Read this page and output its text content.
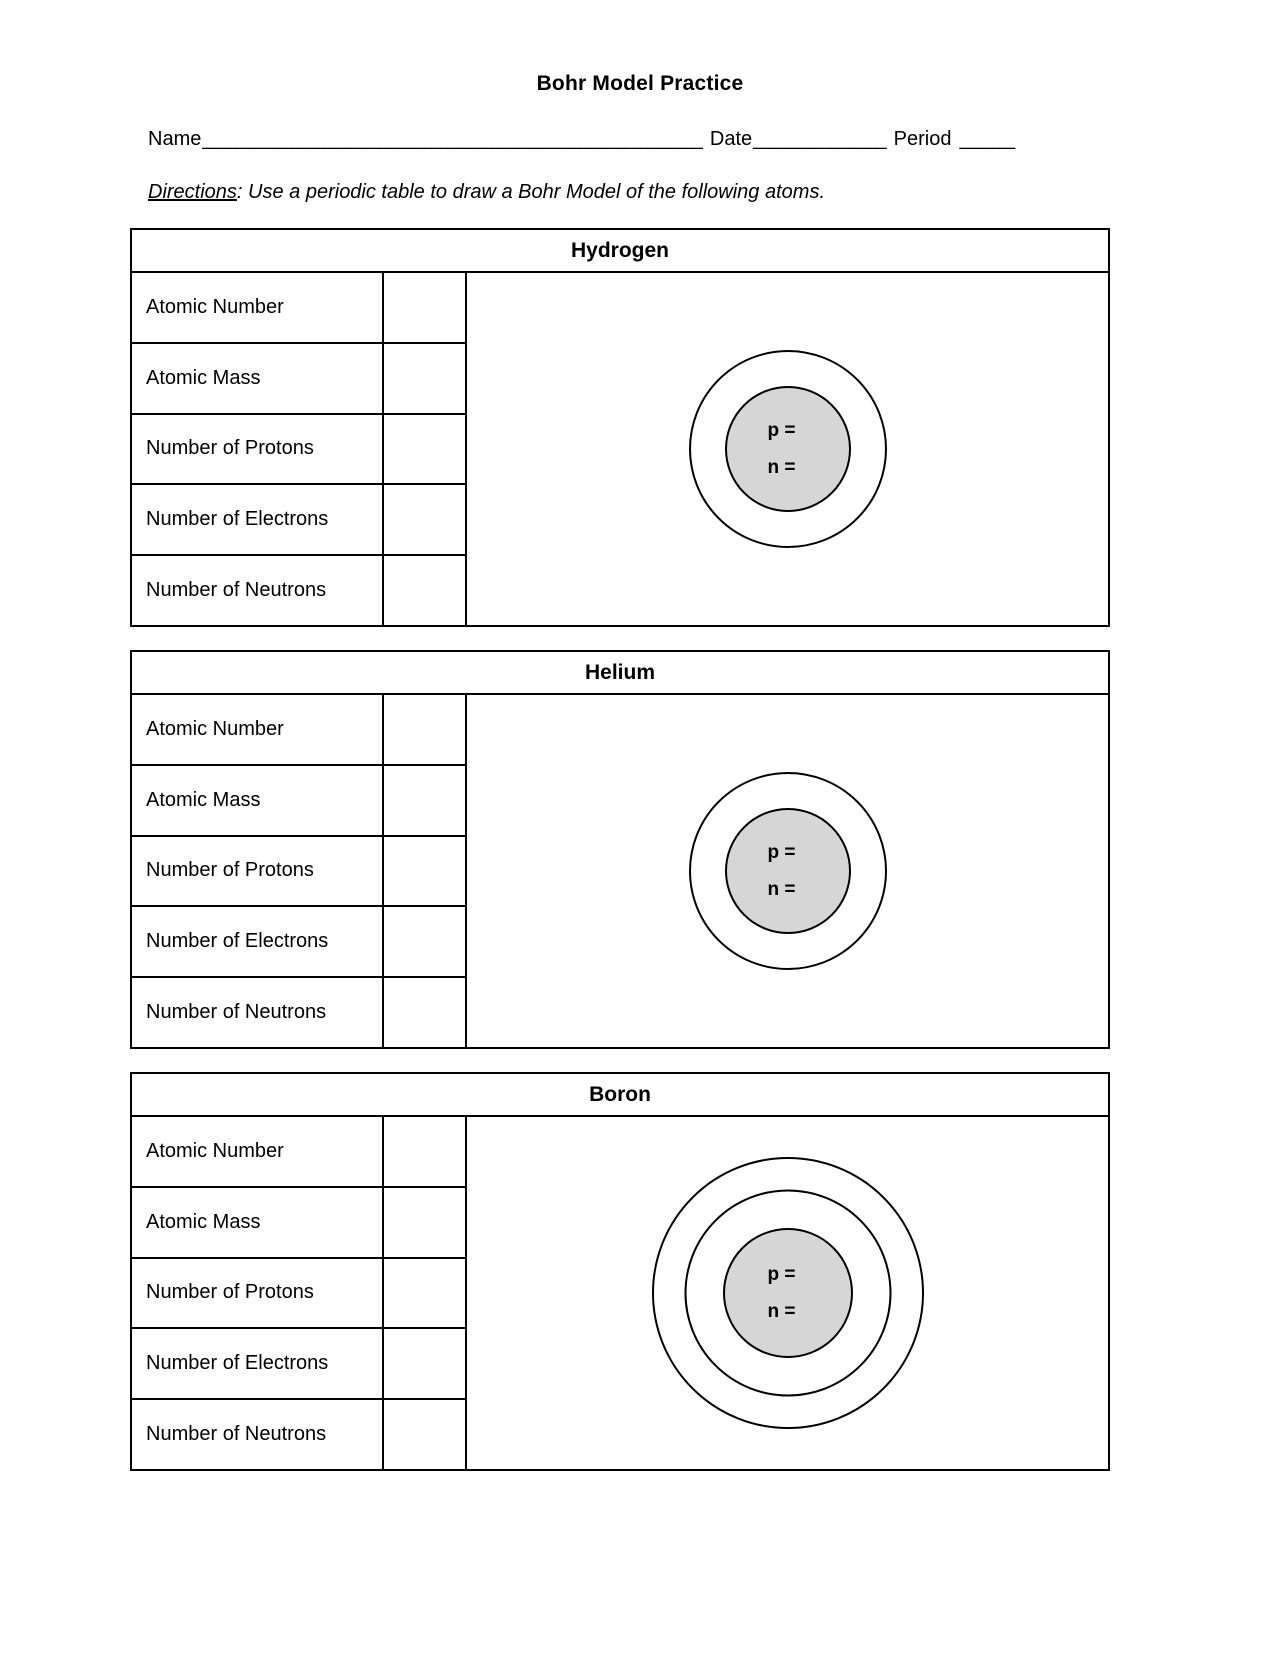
Bohr Model Practice
Name_____________________________________________ Date____________ Period _____
Directions: Use a periodic table to draw a Bohr Model of the following atoms.
Hydrogen
Atomic Number
Atomic Mass
Number of Protons
Number of Electrons
Number of Neutrons
p =
n =
Helium
Atomic Number
Atomic Mass
Number of Protons
Number of Electrons
Number of Neutrons
p =
n =
Boron
Atomic Number
Atomic Mass
Number of Protons
Number of Electrons
Number of Neutrons
p =
n =
